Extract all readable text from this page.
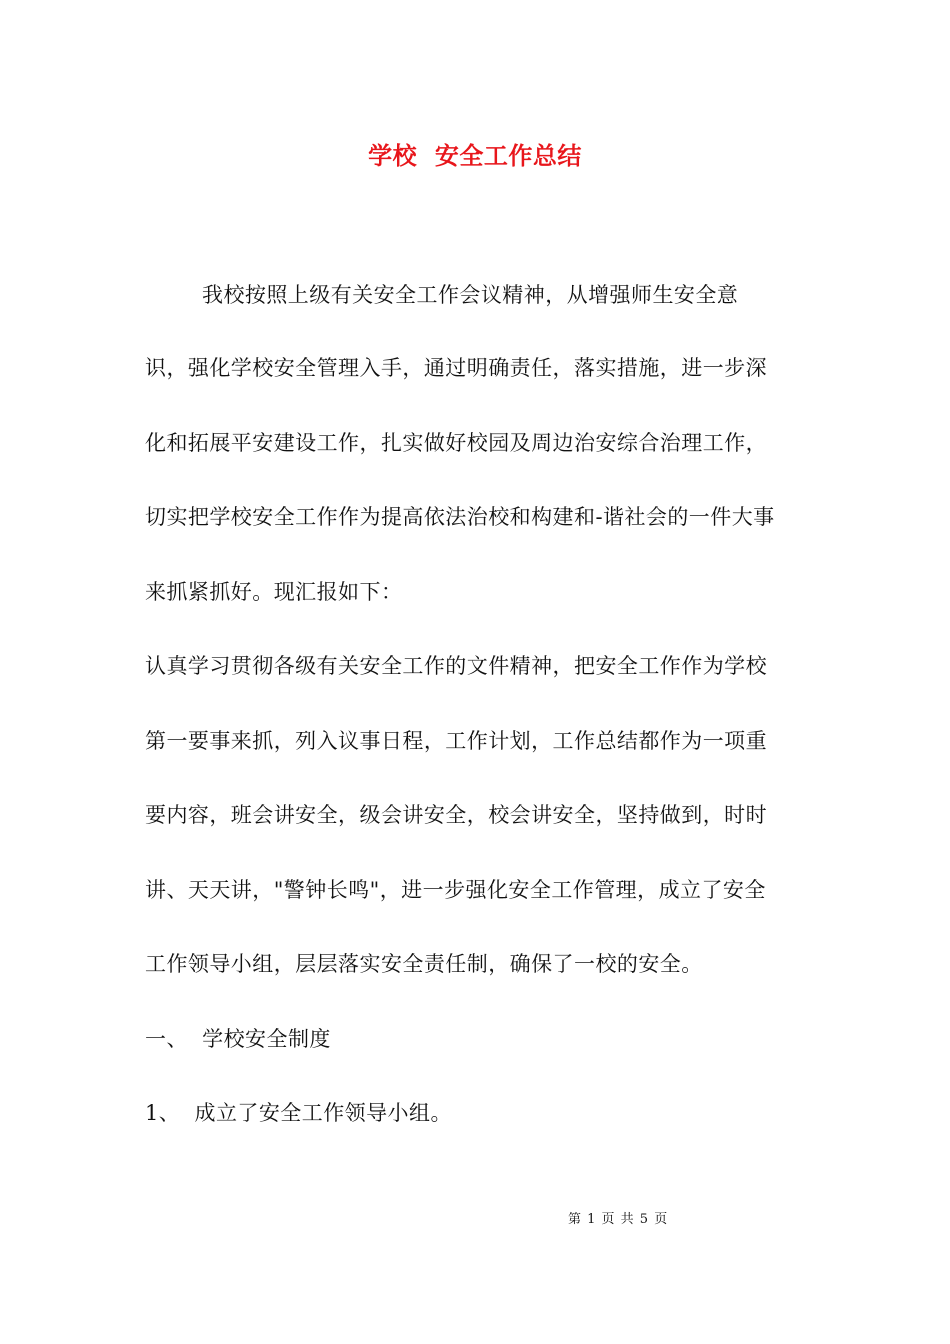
学校  安全工作总结
我校按照上级有关安全工作会议精神，从增强师生安全意
识，强化学校安全管理入手，通过明确责任，落实措施，进一步深
化和拓展平安建设工作，扎实做好校园及周边治安综合治理工作，
切实把学校安全工作作为提高依法治校和构建和-谐社会的一件大事
来抓紧抓好。现汇报如下：
认真学习贯彻各级有关安全工作的文件精神，把安全工作作为学校
第一要事来抓，列入议事日程，工作计划，工作总结都作为一项重
要内容，班会讲安全，级会讲安全，校会讲安全，坚持做到，时时
讲、天天讲，"警钟长鸣"，进一步强化安全工作管理，成立了安全
工作领导小组，层层落实安全责任制，确保了一校的安全。
一、  学校安全制度
1、  成立了安全工作领导小组。
第 1 页 共 5 页
